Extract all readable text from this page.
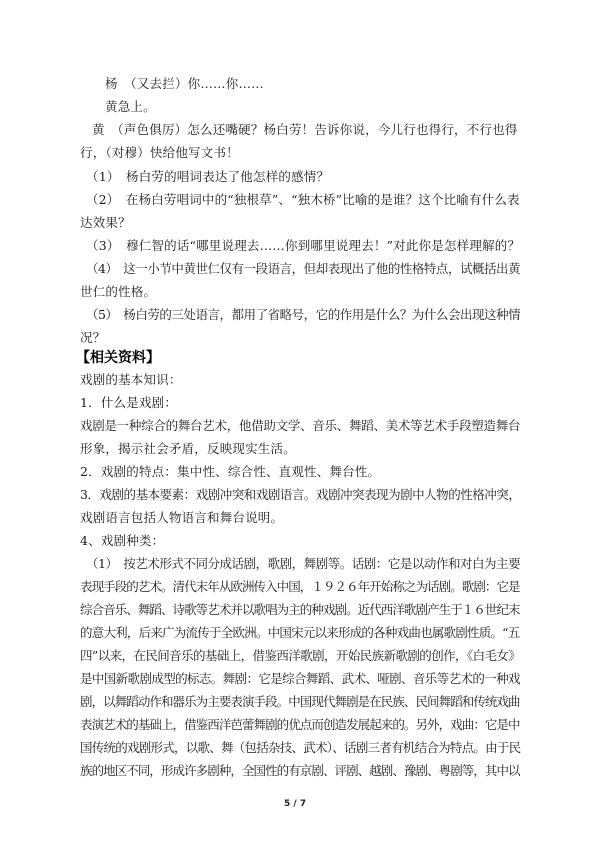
杨　（又去拦）你……你……
黄急上。
黄　（声色俱厉）怎么还嘴硬？杨白劳！告诉你说，今儿行也得行，不行也得
行，（对穆）快给他写文书！
（1）　杨白劳的唱词表达了他怎样的感情？
（2）　在杨白劳唱词中的“独根草”、“独木桥”比喻的是谁？这个比喻有什么表
达效果？
（3）　穆仁智的话“哪里说理去……你到哪里说理去！”对此你是怎样理解的？
（4）　这一小节中黄世仁仅有一段语言，但却表现出了他的性格特点，试概括出黄
世仁的性格。
（5）　杨白劳的三处语言，都用了省略号，它的作用是什么？为什么会出现这种情
况？
【相关资料】
戏剧的基本知识：
1．什么是戏剧：
戏剧是一种综合的舞台艺术，他借助文学、音乐、舞蹈、美术等艺术手段塑造舞台
形象，揭示社会矛盾，反映现实生活。
2．戏剧的特点：集中性、综合性、直观性、舞台性。
3．戏剧的基本要素：戏剧冲突和戏剧语言。戏剧冲突表现为剧中人物的性格冲突，
戏剧语言包括人物语言和舞台说明。
4、戏剧种类：
（1）　按艺术形式不同分成话剧，歌剧，舞剧等。话剧：它是以动作和对白为主要
表现手段的艺术。清代末年从欧洲传入中国，１９２６年开始称之为话剧。歌剧：它是
综合音乐、舞蹈、诗歌等艺术并以歌唱为主的种戏剧。近代西洋歌剧产生于１６世纪末
的意大利，后来广为流传于全欧洲。中国宋元以来形成的各种戏曲也属歌剧性质。“五
四”以来，在民间音乐的基础上，借鉴西洋歌剧，开始民族新歌剧的创作，《白毛女》
是中国新歌剧成型的标志。舞剧：它是综合舞蹈、武术、哑剧、音乐等艺术的一种戏
剧，以舞蹈动作和器乐为主要表演手段。中国现代舞剧是在民族、民间舞蹈和传统戏曲
表演艺术的基础上，借鉴西洋芭蕾舞剧的优点而创造发展起来的。另外，戏曲：它是中
国传统的戏剧形式，以歌、舞（包括杂技、武术）、话剧三者有机结合为特点。由于民
族的地区不同，形成许多剧种，全国性的有京剧、评剧、越剧、豫剧、粤剧等，其中以
5 / 7
